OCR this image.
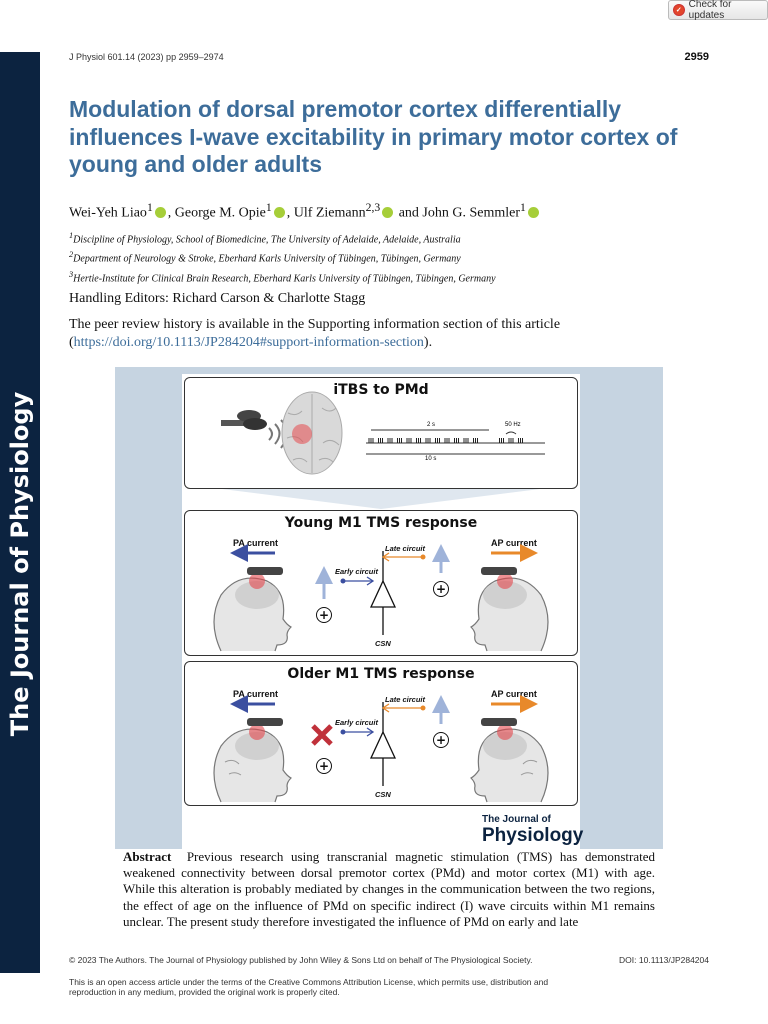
The Journal of Physiology
✓
Check for updates
J Physiol 601.14 (2023) pp 2959–2974	2959
Modulation of dorsal premotor cortex differentially influences I-wave excitability in primary motor cortex of young and older adults
Wei-Yeh Liao$^1$ , George M. Opie$^1$ , Ulf Ziemann$^{2,3}$ and John G. Semmler$^1$
$^1$Discipline of Physiology, School of Biomedicine, The University of Adelaide, Adelaide, Australia
$^2$Department of Neurology & Stroke, Eberhard Karls University of Tübingen, Tübingen, Germany
$^3$Hertie-Institute for Clinical Brain Research, Eberhard Karls University of Tübingen, Tübingen, Germany
Handling Editors: Richard Carson & Charlotte Stagg
The peer review history is available in the Supporting information section of this article (https://doi.org/10.1113/JP284204#support-information-section).
iTBS to PMd
2 s	50 Hz
10 s
Young M1 TMS response
PA current	AP current
Late circuit
Early circuit
CSN
+
+
Older M1 TMS response
PA current	AP current
Late circuit
Early circuit
CSN
+
+
The Journal of
Physiology

Abstract Previous research using transcranial magnetic stimulation (TMS) has demonstrated weakened connectivity between dorsal premotor cortex (PMd) and motor cortex (M1) with age. While this alteration is probably mediated by changes in the communication between the two regions, the effect of age on the influence of PMd on specific indirect (I) wave circuits within M1 remains unclear. The present study therefore investigated the influence of PMd on early and late

© 2023 The Authors. The Journal of Physiology published by John Wiley & Sons Ltd on behalf of The Physiological Society.	DOI: 10.1113/JP284204
This is an open access article under the terms of the Creative Commons Attribution License, which permits use, distribution and reproduction in any medium, provided the original work is properly cited.
